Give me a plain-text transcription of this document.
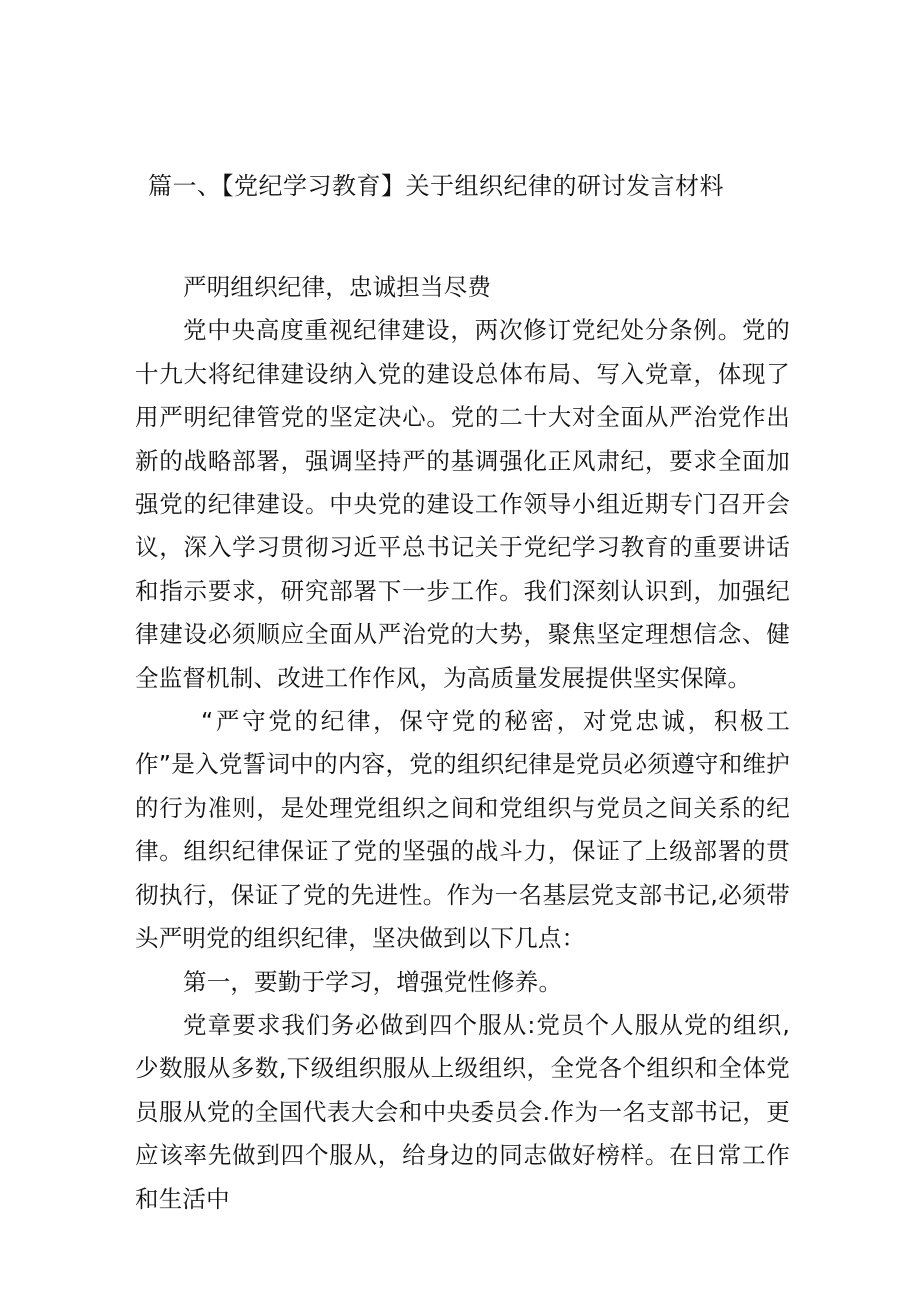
篇一、【党纪学习教育】关于组织纪律的研讨发言材料

严明组织纪律，忠诚担当尽费

党中央高度重视纪律建设，两次修订党纪处分条例。党的十九大将纪律建设纳入党的建设总体布局、写入党章，体现了用严明纪律管党的坚定决心。党的二十大对全面从严治党作出新的战略部署，强调坚持严的基调强化正风肃纪，要求全面加强党的纪律建设。中央党的建设工作领导小组近期专门召开会议，深入学习贯彻习近平总书记关于党纪学习教育的重要讲话和指示要求，研究部署下一步工作。我们深刻认识到，加强纪律建设必须顺应全面从严治党的大势，聚焦坚定理想信念、健全监督机制、改进工作作风，为高质量发展提供坚实保障。

“严守党的纪律，保守党的秘密，对党忠诚，积极工作”是入党誓词中的内容，党的组织纪律是党员必须遵守和维护的行为准则，是处理党组织之间和党组织与党员之间关系的纪律。组织纪律保证了党的坚强的战斗力，保证了上级部署的贯彻执行，保证了党的先进性。作为一名基层党支部书记,必须带头严明党的组织纪律，坚决做到以下几点：

第一，要勤于学习，增强党性修养。

党章要求我们务必做到四个服从:党员个人服从党的组织,少数服从多数,下级组织服从上级组织，全党各个组织和全体党员服从党的全国代表大会和中央委员会.作为一名支部书记，更应该率先做到四个服从，给身边的同志做好榜样。在日常工作和生活中
